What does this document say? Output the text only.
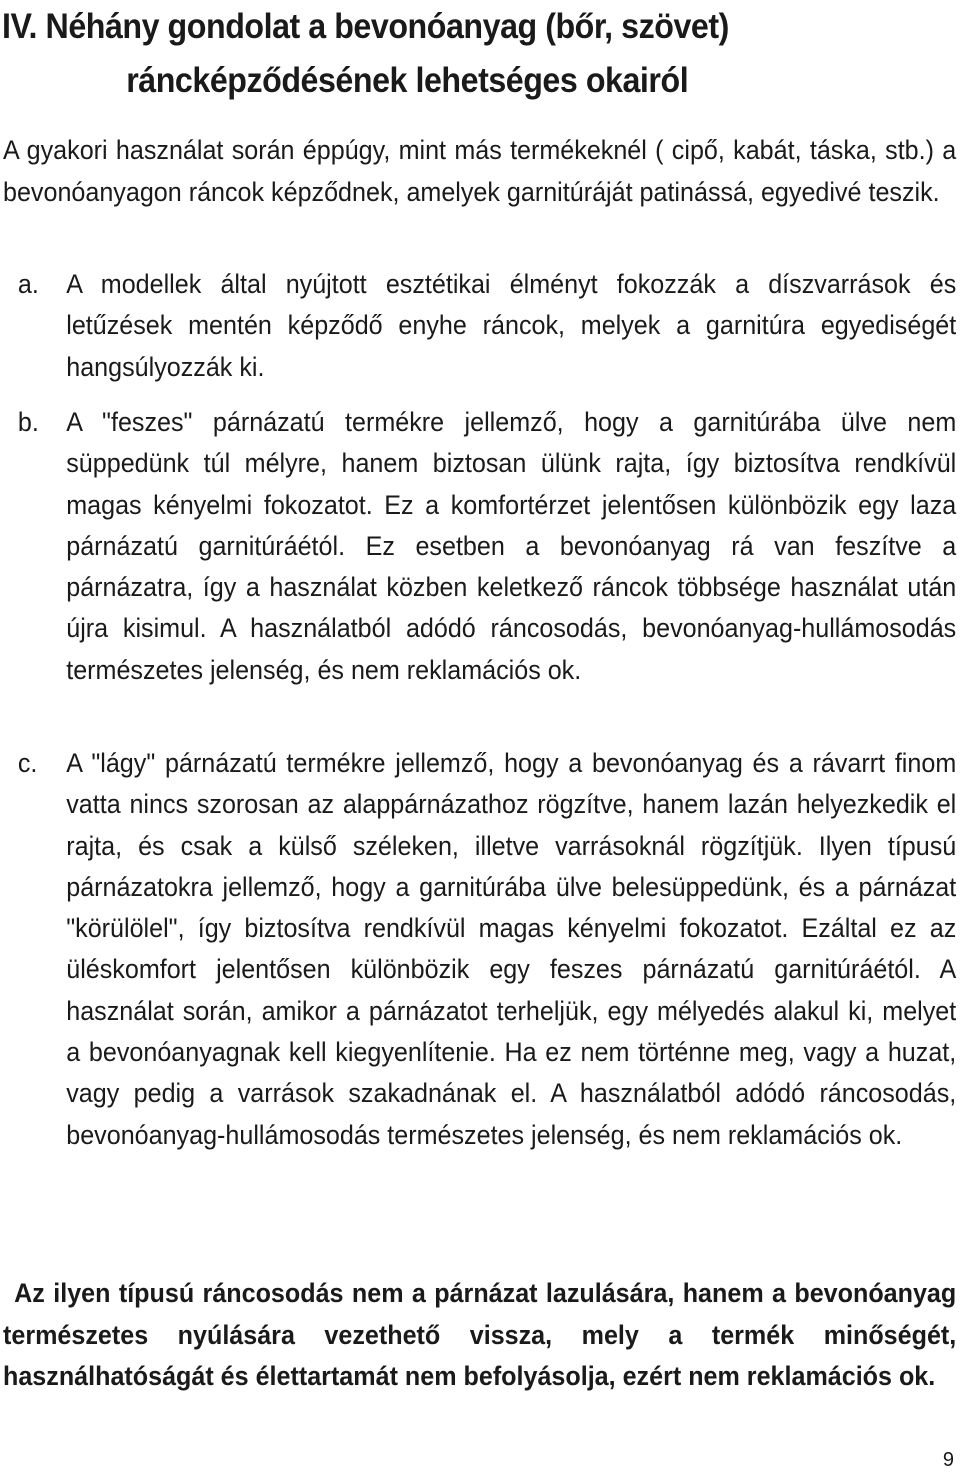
IV. Néhány gondolat a bevonóanyag (bőr, szövet)
ráncképződésének lehetséges okairól
A gyakori használat során éppúgy, mint más termékeknél ( cipő, kabát, táska, stb.) a bevonóanyagon ráncok képződnek, amelyek garnitúráját patinássá, egyedivé teszik.
a. A modellek által nyújtott esztétikai élményt fokozzák a díszvarrások és letűzések mentén képződő enyhe ráncok, melyek a garnitúra egyediségét hangsúlyozzák ki.
b. A "feszes" párnázatú termékre jellemző, hogy a garnitúrába ülve nem süppedünk túl mélyre, hanem biztosan ülünk rajta, így biztosítva rendkívül magas kényelmi fokozatot. Ez a komfortérzet jelentősen különbözik egy laza párnázatú garnitúráétól. Ez esetben a bevonóanyag rá van feszítve a párnázatra, így a használat közben keletkező ráncok többsége használat után újra kisimul. A használatból adódó ráncosodás, bevonóanyag-hullámosodás természetes jelenség, és nem reklamációs ok.
c. A "lágy" párnázatú termékre jellemző, hogy a bevonóanyag és a rávarrt finom vatta nincs szorosan az alappárnázathoz rögzítve, hanem lazán helyezkedik el rajta, és csak a külső széleken, illetve varrásoknál rögzítjük. Ilyen típusú párnázatokra jellemző, hogy a garnitúrába ülve belesüppedünk, és a párnázat "körülölel", így biztosítva rendkívül magas kényelmi fokozatot. Ezáltal ez az üléskomfort jelentősen különbözik egy feszes párnázatú garnitúráétól. A használat során, amikor a párnázatot terheljük, egy mélyedés alakul ki, melyet a bevonóanyagnak kell kiegyenlítenie. Ha ez nem történne meg, vagy a huzat, vagy pedig a varrások szakadnának el. A használatból adódó ráncosodás, bevonóanyag-hullámosodás természetes jelenség, és nem reklamációs ok.
Az ilyen típusú ráncosodás nem a párnázat lazulására, hanem a bevonóanyag természetes nyúlására vezethető vissza, mely a termék minőségét, használhatóságát és élettartamát nem befolyásolja, ezért nem reklamációs ok.
9
